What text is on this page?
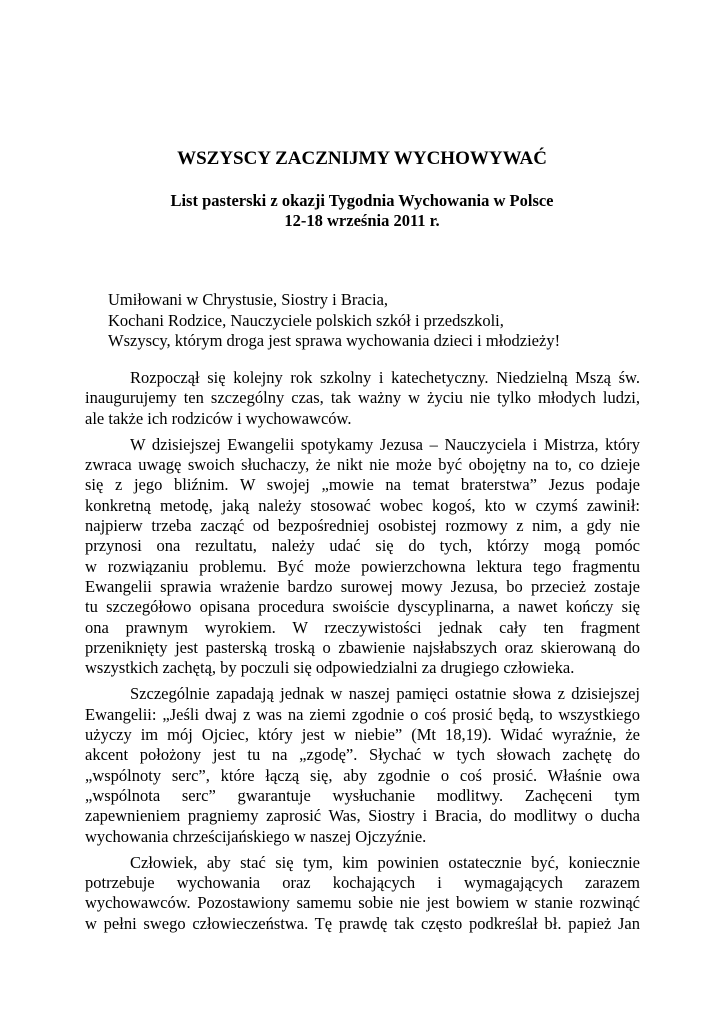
WSZYSCY ZACZNIJMY WYCHOWYWAĆ
List pasterski z okazji Tygodnia Wychowania w Polsce
12-18 września 2011 r.
Umiłowani w Chrystusie, Siostry i Bracia,
Kochani Rodzice, Nauczyciele polskich szkół i przedszkoli,
Wszyscy, którym droga jest sprawa wychowania dzieci i młodzieży!
Rozpoczął się kolejny rok szkolny i katechetyczny. Niedzielną Mszą św.
inaugurujemy ten szczególny czas, tak ważny w życiu nie tylko młodych ludzi,
ale także ich rodziców i wychowawców.
W dzisiejszej Ewangelii spotykamy Jezusa – Nauczyciela i Mistrza, który
zwraca uwagę swoich słuchaczy, że nikt nie może być obojętny na to, co dzieje
się z jego bliźnim. W swojej „mowie na temat braterstwa” Jezus podaje
konkretną metodę, jaką należy stosować wobec kogoś, kto w czymś zawinił:
najpierw trzeba zacząć od bezpośredniej osobistej rozmowy z nim, a gdy nie
przynosi ona rezultatu, należy udać się do tych, którzy mogą pomóc
w rozwiązaniu problemu. Być może powierzchowna lektura tego fragmentu
Ewangelii sprawia wrażenie bardzo surowej mowy Jezusa, bo przecież zostaje
tu szczegółowo opisana procedura swoiście dyscyplinarna, a nawet kończy się
ona prawnym wyrokiem. W rzeczywistości jednak cały ten fragment
przeniknięty jest pasterską troską o zbawienie najsłabszych oraz skierowaną do
wszystkich zachętą, by poczuli się odpowiedzialni za drugiego człowieka.
Szczególnie zapadają jednak w naszej pamięci ostatnie słowa z dzisiejszej
Ewangelii: „Jeśli dwaj z was na ziemi zgodnie o coś prosić będą, to wszystkiego
użyczy im mój Ojciec, który jest w niebie” (Mt 18,19). Widać wyraźnie, że
akcent położony jest tu na „zgodę”. Słychać w tych słowach zachętę do
„wspólnoty serc”, które łączą się, aby zgodnie o coś prosić. Właśnie owa
„wspólnota serc” gwarantuje wysłuchanie modlitwy. Zachęceni tym
zapewnieniem pragniemy zaprosić Was, Siostry i Bracia, do modlitwy o ducha
wychowania chrześcijańskiego w naszej Ojczyźnie.
Człowiek, aby stać się tym, kim powinien ostatecznie być, koniecznie
potrzebuje wychowania oraz kochających i wymagających zarazem
wychowawców. Pozostawiony samemu sobie nie jest bowiem w stanie rozwinąć
w pełni swego człowieczeństwa. Tę prawdę tak często podkreślał bł. papież Jan
